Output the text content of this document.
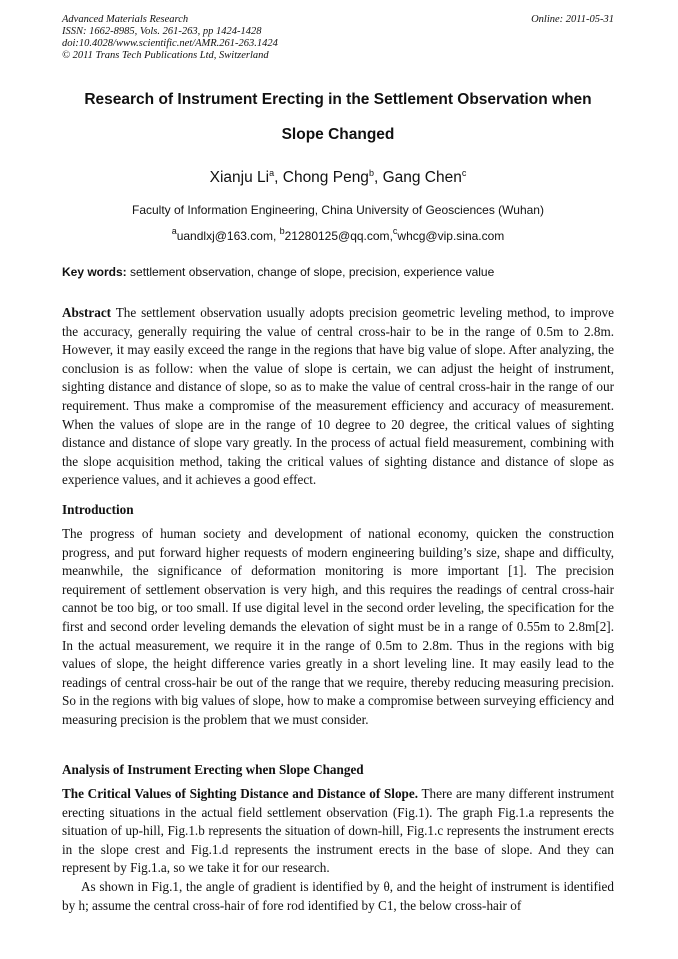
Advanced Materials Research
ISSN: 1662-8985, Vols. 261-263, pp 1424-1428
doi:10.4028/www.scientific.net/AMR.261-263.1424
© 2011 Trans Tech Publications Ltd, Switzerland
Online: 2011-05-31
Research of Instrument Erecting in the Settlement Observation when
Slope Changed
Xianju Li$^a$, Chong Peng$^b$, Gang Chen$^c$
Faculty of Information Engineering, China University of Geosciences (Wuhan)
$^a$uandlxj@163.com, $^b$21280125@qq.com,$^c$whcg@vip.sina.com
Key words: settlement observation, change of slope, precision, experience value
Abstract The settlement observation usually adopts precision geometric leveling method, to improve the accuracy, generally requiring the value of central cross-hair to be in the range of 0.5m to 2.8m. However, it may easily exceed the range in the regions that have big value of slope. After analyzing, the conclusion is as follow: when the value of slope is certain, we can adjust the height of instrument, sighting distance and distance of slope, so as to make the value of central cross-hair in the range of our requirement. Thus make a compromise of the measurement efficiency and accuracy of measurement. When the values of slope are in the range of 10 degree to 20 degree, the critical values of sighting distance and distance of slope vary greatly. In the process of actual field measurement, combining with the slope acquisition method, taking the critical values of sighting distance and distance of slope as experience values, and it achieves a good effect.
Introduction
The progress of human society and development of national economy, quicken the construction progress, and put forward higher requests of modern engineering building’s size, shape and difficulty, meanwhile, the significance of deformation monitoring is more important [1]. The precision requirement of settlement observation is very high, and this requires the readings of central cross-hair cannot be too big, or too small. If use digital level in the second order leveling, the specification for the first and second order leveling demands the elevation of sight must be in a range of 0.55m to 2.8m[2]. In the actual measurement, we require it in the range of 0.5m to 2.8m. Thus in the regions with big values of slope, the height difference varies greatly in a short leveling line. It may easily lead to the readings of central cross-hair be out of the range that we require, thereby reducing measuring precision. So in the regions with big values of slope, how to make a compromise between surveying efficiency and measuring precision is the problem that we must consider.
Analysis of Instrument Erecting when Slope Changed
The Critical Values of Sighting Distance and Distance of Slope. There are many different instrument erecting situations in the actual field settlement observation (Fig.1). The graph Fig.1.a represents the situation of up-hill, Fig.1.b represents the situation of down-hill, Fig.1.c represents the instrument erects in the slope crest and Fig.1.d represents the instrument erects in the base of slope. And they can represent by Fig.1.a, so we take it for our research.
As shown in Fig.1, the angle of gradient is identified by θ, and the height of instrument is identified by h; assume the central cross-hair of fore rod identified by C1, the below cross-hair of
